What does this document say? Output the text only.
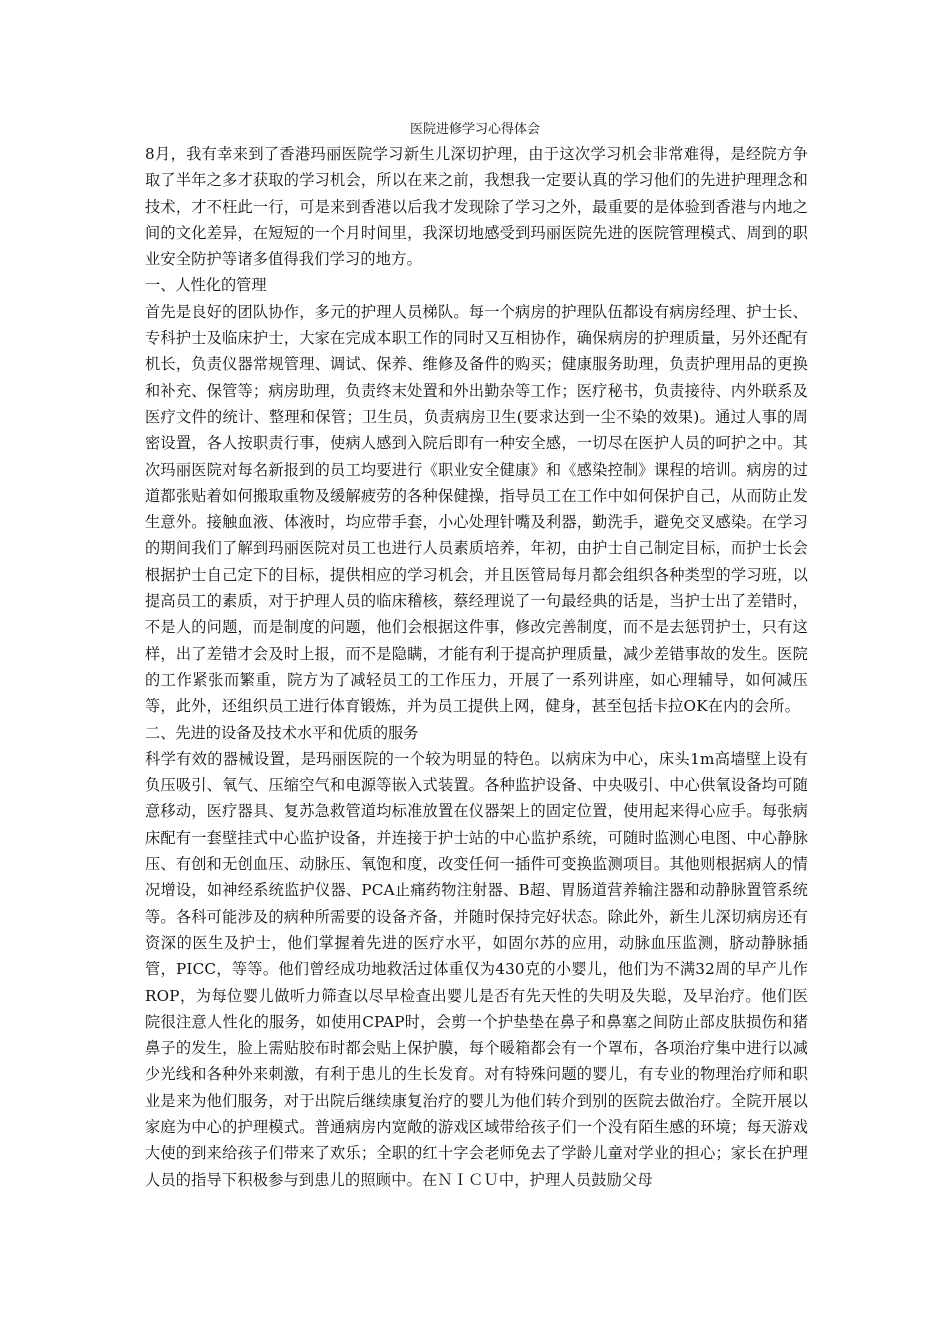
医院进修学习心得体会

8月，我有幸来到了香港玛丽医院学习新生儿深切护理，由于这次学习机会非常难得，是经院方争取了半年之多才获取的学习机会，所以在来之前，我想我一定要认真的学习他们的先进护理理念和技术，才不枉此一行，可是来到香港以后我才发现除了学习之外，最重要的是体验到香港与内地之间的文化差异，在短短的一个月时间里，我深切地感受到玛丽医院先进的医院管理模式、周到的职业安全防护等诸多值得我们学习的地方。

一、人性化的管理

首先是良好的团队协作，多元的护理人员梯队。每一个病房的护理队伍都设有病房经理、护士长、专科护士及临床护士，大家在完成本职工作的同时又互相协作，确保病房的护理质量，另外还配有机长，负责仪器常规管理、调试、保养、维修及备件的购买；健康服务助理，负责护理用品的更换和补充、保管等；病房助理，负责终末处置和外出勤杂等工作；医疗秘书，负责接待、内外联系及医疗文件的统计、整理和保管；卫生员，负责病房卫生(要求达到一尘不染的效果)。通过人事的周密设置，各人按职责行事，使病人感到入院后即有一种安全感，一切尽在医护人员的呵护之中。其次玛丽医院对每名新报到的员工均要进行《职业安全健康》和《感染控制》课程的培训。病房的过道都张贴着如何搬取重物及缓解疲劳的各种保健操，指导员工在工作中如何保护自己，从而防止发生意外。接触血液、体液时，均应带手套，小心处理针嘴及利器，勤洗手，避免交叉感染。在学习的期间我们了解到玛丽医院对员工也进行人员素质培养，年初，由护士自己制定目标，而护士长会根据护士自己定下的目标，提供相应的学习机会，并且医管局每月都会组织各种类型的学习班，以提高员工的素质，对于护理人员的临床稽核，蔡经理说了一句最经典的话是，当护士出了差错时，不是人的问题，而是制度的问题，他们会根据这件事，修改完善制度，而不是去惩罚护士，只有这样，出了差错才会及时上报，而不是隐瞒，才能有利于提高护理质量，减少差错事故的发生。医院的工作紧张而繁重，院方为了减轻员工的工作压力，开展了一系列讲座，如心理辅导，如何减压等，此外，还组织员工进行体育锻炼，并为员工提供上网，健身，甚至包括卡拉OK在内的会所。

二、先进的设备及技术水平和优质的服务

科学有效的器械设置，是玛丽医院的一个较为明显的特色。以病床为中心，床头1m高墙壁上设有负压吸引、氧气、压缩空气和电源等嵌入式装置。各种监护设备、中央吸引、中心供氧设备均可随意移动，医疗器具、复苏急救管道均标准放置在仪器架上的固定位置，使用起来得心应手。每张病床配有一套壁挂式中心监护设备，并连接于护士站的中心监护系统，可随时监测心电图、中心静脉压、有创和无创血压、动脉压、氧饱和度，改变任何一插件可变换监测项目。其他则根据病人的情况增设，如神经系统监护仪器、PCA止痛药物注射器、B超、胃肠道营养输注器和动静脉置管系统等。各科可能涉及的病种所需要的设备齐备，并随时保持完好状态。除此外，新生儿深切病房还有资深的医生及护士，他们掌握着先进的医疗水平，如固尔苏的应用，动脉血压监测，脐动静脉插管，PICC，等等。他们曾经成功地救活过体重仅为430克的小婴儿，他们为不满32周的早产儿作ROP，为每位婴儿做听力筛查以尽早检查出婴儿是否有先天性的失明及失聪，及早治疗。他们医院很注意人性化的服务，如使用CPAP时，会剪一个护垫垫在鼻子和鼻塞之间防止部皮肤损伤和猪鼻子的发生，脸上需贴胶布时都会贴上保护膜，每个暖箱都会有一个罩布，各项治疗集中进行以减少光线和各种外来刺激，有利于患儿的生长发育。对有特殊问题的婴儿，有专业的物理治疗师和职业是来为他们服务，对于出院后继续康复治疗的婴儿为他们转介到别的医院去做治疗。全院开展以家庭为中心的护理模式。普通病房内宽敞的游戏区域带给孩子们一个没有陌生感的环境；每天游戏大使的到来给孩子们带来了欢乐；全职的红十字会老师免去了学龄儿童对学业的担心；家长在护理人员的指导下积极参与到患儿的照顾中。在ＮＩＣＵ中，护理人员鼓励父母
